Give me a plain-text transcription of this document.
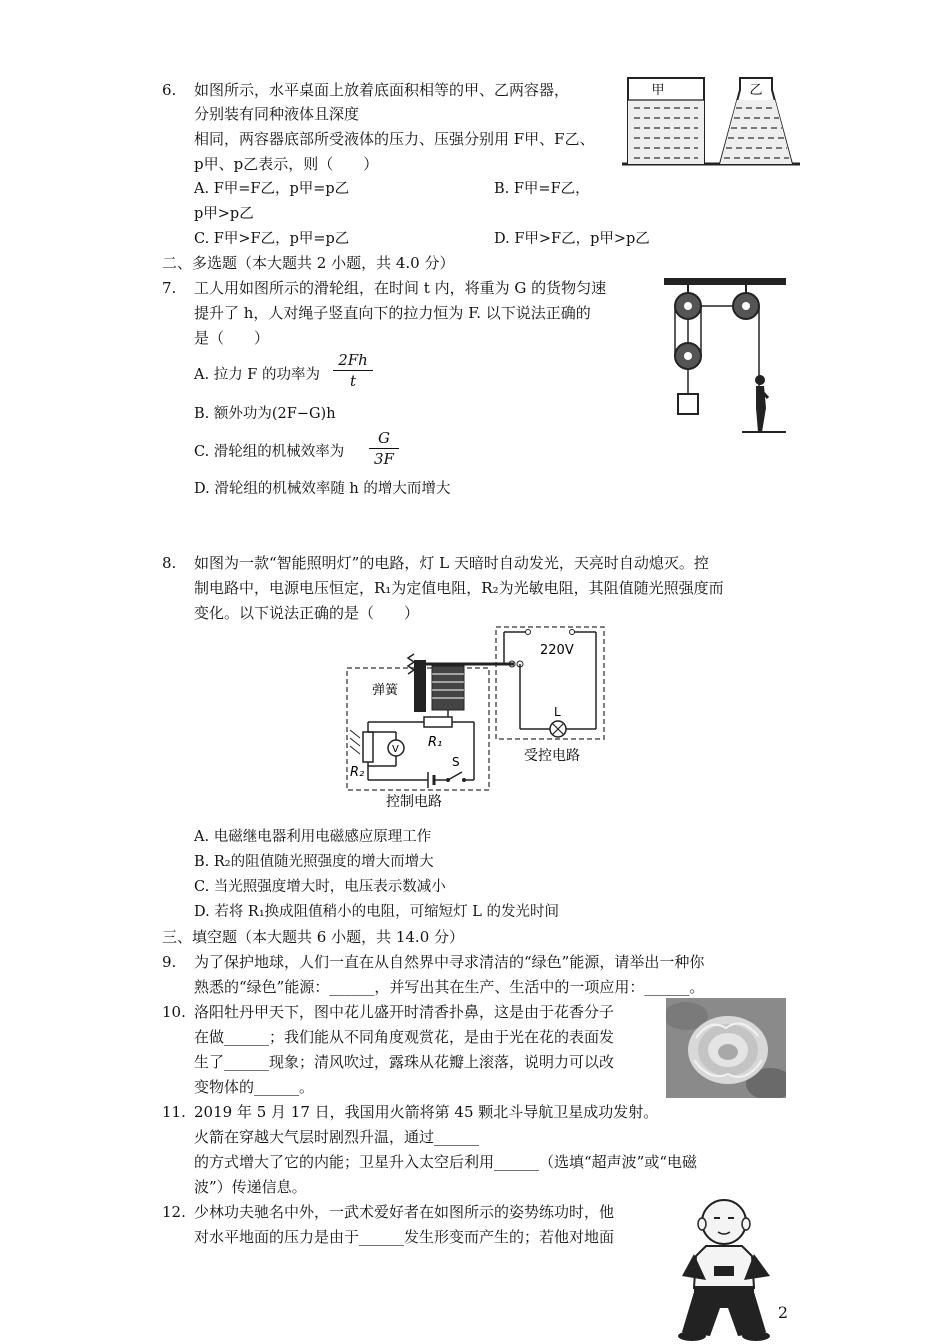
6. 如图所示，水平桌面上放着底面积相等的甲、乙两容器，
分别装有同种液体且深度
相同，两容器底部所受液体的压力、压强分别用 F甲、F乙、
p甲、p乙表示，则（　　）
A. F甲=F乙，p甲=p乙	B. F甲=F乙，
p甲>p乙
C. F甲>F乙，p甲=p乙	D. F甲>F乙，p甲>p乙
甲	乙
二、多选题（本大题共 2 小题，共 4.0 分）
7. 工人用如图所示的滑轮组，在时间 t 内，将重为 G 的货物匀速
提升了 h，人对绳子竖直向下的拉力恒为 F. 以下说法正确的
是（　　）
A. 拉力 F 的功率为 $\frac{2Fh}{t}$
B. 额外功为(2F−G)h
C. 滑轮组的机械效率为 $\frac{G}{3F}$
D. 滑轮组的机械效率随 h 的增大而增大
8. 如图为一款“智能照明灯”的电路，灯 L 天暗时自动发光，天亮时自动熄灭。控
制电路中，电源电压恒定，R₁为定值电阻，R₂为光敏电阻，其阻值随光照强度而
变化。以下说法正确的是（　　）
220V
L
受控电路
弹簧
R₁
R₂
V
S
控制电路
A. 电磁继电器利用电磁感应原理工作
B. R₂的阻值随光照强度的增大而增大
C. 当光照强度增大时，电压表示数减小
D. 若将 R₁换成阻值稍小的电阻，可缩短灯 L 的发光时间
三、填空题（本大题共 6 小题，共 14.0 分）
9. 为了保护地球，人们一直在从自然界中寻求清洁的“绿色”能源，请举出一种你
熟悉的“绿色”能源：______，并写出其在生产、生活中的一项应用：______。
10. 洛阳牡丹甲天下，图中花儿盛开时清香扑鼻，这是由于花香分子
在做______；我们能从不同角度观赏花，是由于光在花的表面发
生了______现象；清风吹过，露珠从花瓣上滚落，说明力可以改
变物体的______。
11. 2019 年 5 月 17 日，我国用火箭将第 45 颗北斗导航卫星成功发射。
火箭在穿越大气层时剧烈升温，通过______
的方式增大了它的内能；卫星升入太空后利用______（选填“超声波”或“电磁
波”）传递信息。
12. 少林功夫驰名中外，一武术爱好者在如图所示的姿势练功时，他
对水平地面的压力是由于______发生形变而产生的；若他对地面
2
